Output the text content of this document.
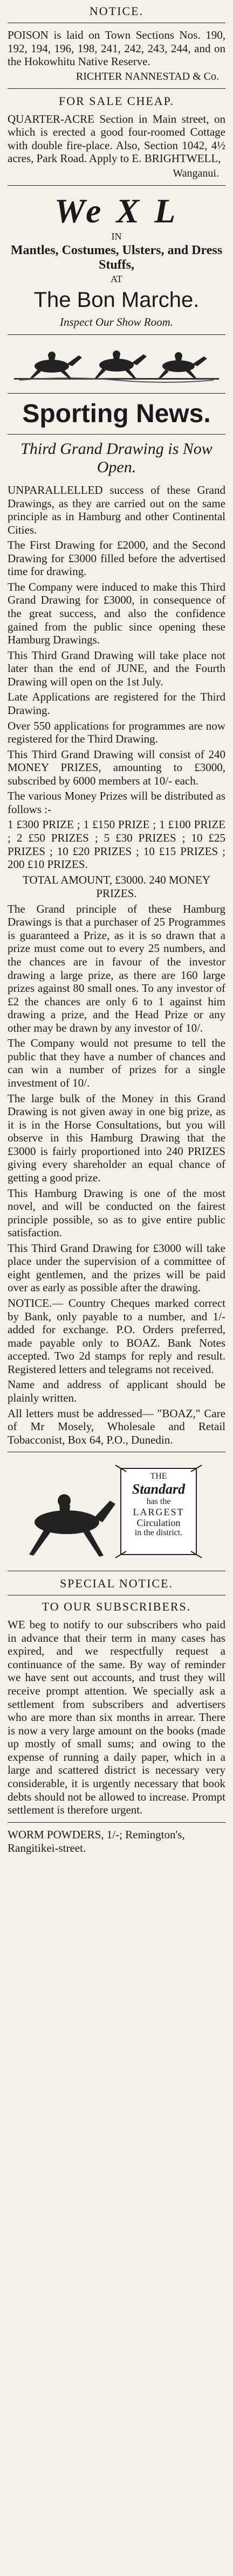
NOTICE.

POISON is laid on Town Sections Nos. 190, 192, 194, 196, 198, 241, 242, 243, 244, and on the Hokowhitu Native Reserve.

RICHTER NANNESTAD & Co.
FOR SALE CHEAP.

QUARTER-ACRE Section in Main street, on which is erected a good four-roomed Cottage with double fire-place. Also, Section 1042, 4½ acres, Park Road. Apply to E. BRIGHTWELL,

Wanganui.
We X L
IN
Mantles, Costumes, Ulsters, and Dress Stuffs,
AT
The Bon Marche.
Inspect Our Show Room.
Sporting News.
Third Grand Drawing is Now Open.

UNPARALLELLED success of these Grand Drawings, as they are carried out on the same principle as in Hamburg and other Continental Cities.

The First Drawing for £2000, and the Second Drawing for £3000 filled before the advertised time for drawing.

The Company were induced to make this Third Grand Drawing for £3000, in consequence of the great success, and also the confidence gained from the public since opening these Hamburg Drawings.

This Third Grand Drawing will take place not later than the end of JUNE, and the Fourth Drawing will open on the 1st July.

Late Applications are registered for the Third Drawing.

Over 550 applications for programmes are now registered for the Third Drawing.

This Third Grand Drawing will consist of 240 MONEY PRIZES, amounting to £3000, subscribed by 6000 members at 10/- each.

The various Money Prizes will be distributed as follows :-

1 £300 PRIZE ; 1 £150 PRIZE ; 1 £100 PRIZE ; 2 £50 PRIZES ; 5 £30 PRIZES ; 10 £25 PRIZES ; 10 £20 PRIZES ; 10 £15 PRIZES ; 200 £10 PRIZES.

TOTAL AMOUNT, £3000. 240 MONEY PRIZES.

The Grand principle of these Hamburg Drawings is that a purchaser of 25 Programmes is guaranteed a Prize, as it is so drawn that a prize must come out to every 25 numbers, and the chances are in favour of the investor drawing a large prize, as there are 160 large prizes against 80 small ones. To any investor of £2 the chances are only 6 to 1 against him drawing a prize, and the Head Prize or any other may be drawn by any investor of 10/.

The Company would not presume to tell the public that they have a number of chances and can win a number of prizes for a single investment of 10/.

The large bulk of the Money in this Grand Drawing is not given away in one big prize, as it is in the Horse Consultations, but you will observe in this Hamburg Drawing that the £3000 is fairly proportioned into 240 PRIZES giving every shareholder an equal chance of getting a good prize.

This Hamburg Drawing is one of the most novel, and will be conducted on the fairest principle possible, so as to give entire public satisfaction.

This Third Grand Drawing for £3000 will take place under the supervision of a committee of eight gentlemen, and the prizes will be paid over as early as possible after the drawing.

NOTICE.— Country Cheques marked correct by Bank, only payable to a number, and 1/- added for exchange. P.O. Orders preferred, made payable only to BOAZ. Bank Notes accepted. Two 2d stamps for reply and result. Registered letters and telegrams not received.

Name and address of applicant should be plainly written.

All letters must be addressed— "BOAZ," Care of Mr Mosely, Wholesale and Retail Tobacconist, Box 64, P.O., Dunedin.

THE
Standard
has the
LARGEST
Circulation
in the district.
SPECIAL NOTICE.
TO OUR SUBSCRIBERS.

WE beg to notify to our subscribers who paid in advance that their term in many cases has expired, and we respectfully request a continuance of the same. By way of reminder we have sent out accounts, and trust they will receive prompt attention. We specially ask a settlement from subscribers and advertisers who are more than six months in arrear. There is now a very large amount on the books (made up mostly of small sums; and owing to the expense of running a daily paper, which in a large and scattered district is necessary very considerable, it is urgently necessary that book debts should not be allowed to increase. Prompt settlement is therefore urgent.

WORM POWDERS, 1/-; Remington's, Rangitikei-street.
